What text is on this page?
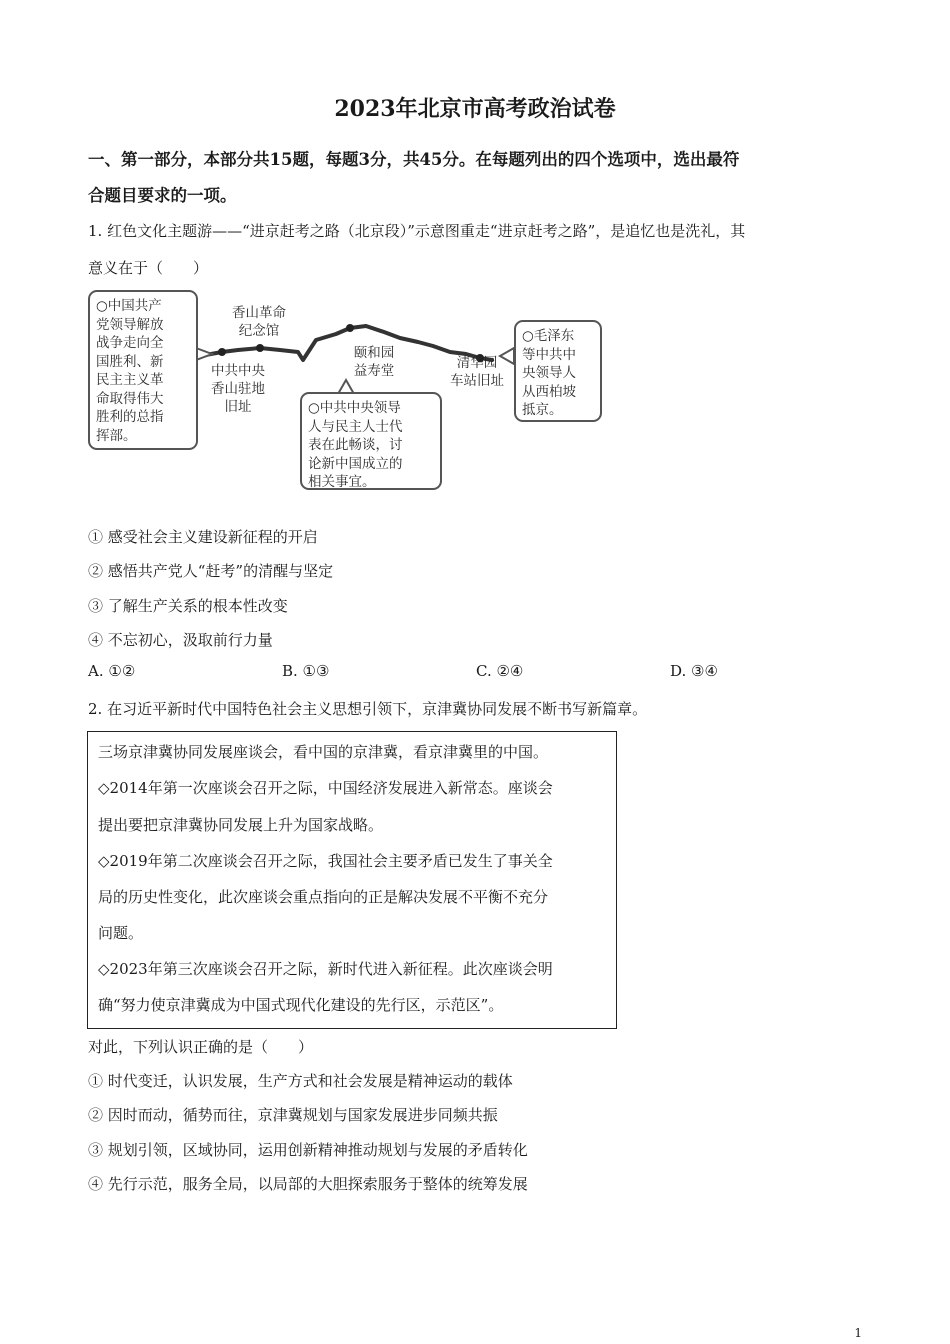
2023年北京市高考政治试卷
一、第一部分，本部分共15题，每题3分，共45分。在每题列出的四个选项中，选出最符
合题目要求的一项。
1. 红色文化主题游——“进京赶考之路（北京段）”示意图重走“进京赶考之路”，是追忆也是洗礼，其
意义在于（　　）
○中国共产
党领导解放
战争走向全
国胜利、新
民主主义革
命取得伟大
胜利的总指
挥部。
香山革命
纪念馆
中共中央
香山驻地
旧址
颐和园
益寿堂	清华园
车站旧址
○中共中央领导
人与民主人士代
表在此畅谈，讨
论新中国成立的
相关事宜。
○毛泽东
等中共中
央领导人
从西柏坡
抵京。
① 感受社会主义建设新征程的开启
② 感悟共产党人“赶考”的清醒与坚定
③ 了解生产关系的根本性改变
④ 不忘初心，汲取前行力量
A. ①②	B. ①③	C. ②④	D. ③④
2. 在习近平新时代中国特色社会主义思想引领下，京津冀协同发展不断书写新篇章。
三场京津冀协同发展座谈会，看中国的京津冀，看京津冀里的中国。
◇2014年第一次座谈会召开之际，中国经济发展进入新常态。座谈会
提出要把京津冀协同发展上升为国家战略。
◇2019年第二次座谈会召开之际，我国社会主要矛盾已发生了事关全
局的历史性变化，此次座谈会重点指向的正是解决发展不平衡不充分
问题。
◇2023年第三次座谈会召开之际，新时代进入新征程。此次座谈会明
确“努力使京津冀成为中国式现代化建设的先行区，示范区”。
对此，下列认识正确的是（　　）
① 时代变迁，认识发展，生产方式和社会发展是精神运动的载体
② 因时而动，循势而往，京津冀规划与国家发展进步同频共振
③ 规划引领，区域协同，运用创新精神推动规划与发展的矛盾转化
④ 先行示范，服务全局，以局部的大胆探索服务于整体的统筹发展
1
